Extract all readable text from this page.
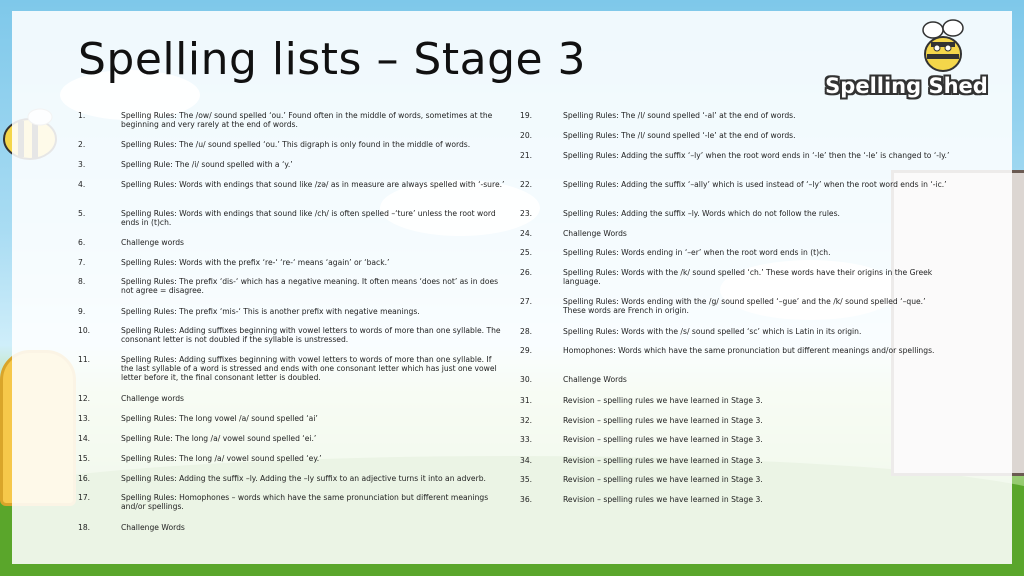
Spelling lists – Stage 3
Spelling Shed
1.	Spelling Rules: The /ow/ sound spelled ‘ou.’ Found often in the middle of words, sometimes at the beginning and very rarely at the end of words.
2.	Spelling Rules: The /u/ sound spelled ‘ou.’ This digraph is only found in the middle of words.
3.	Spelling Rule: The /i/ sound spelled with a ‘y.’
4.	Spelling Rules: Words with endings that sound like /zə/ as in measure are always spelled with ‘-sure.’
5.	Spelling Rules: Words with endings that sound like /ch/ is often spelled –‘ture’ unless the root word ends in (t)ch.
6.	Challenge words
7.	Spelling Rules: Words with the prefix ‘re-‘ ‘re-‘ means ‘again’ or ‘back.’
8.	Spelling Rules: The prefix ‘dis-‘ which has a negative meaning. It often means ‘does not’ as in does not agree = disagree.
9.	Spelling Rules: The prefix ‘mis-‘ This is another prefix with negative meanings.
10.	Spelling Rules: Adding suffixes beginning with vowel letters to words of more than one syllable. The consonant letter is not doubled if the syllable is unstressed.
11.	Spelling Rules: Adding suffixes beginning with vowel letters to words of more than one syllable. If the last syllable of a word is stressed and ends with one consonant letter which has just one vowel letter before it, the final consonant letter is doubled.
12.	Challenge words
13.	Spelling Rules: The long vowel /a/ sound spelled ‘ai’
14.	Spelling Rule: The long /a/ vowel sound spelled ‘ei.’
15.	Spelling Rules: The long /a/ vowel sound spelled ‘ey.’
16.	Spelling Rules: Adding the suffix –ly. Adding the –ly suffix to an adjective turns it into an adverb.
17.	Spelling Rules: Homophones – words which have the same pronunciation but different meanings and/or spellings.
18.	Challenge Words
19.	Spelling Rules: The /l/ sound spelled ‘-al’ at the end of words.
20.	Spelling Rules: The /l/ sound spelled ‘-le’ at the end of words.
21.	Spelling Rules: Adding the suffix ‘–ly’ when the root word ends in ‘-le’ then the ‘-le’ is changed to ‘-ly.’
22.	Spelling Rules: Adding the suffix ‘–ally’ which is used instead of ‘–ly’ when the root word ends in ‘-ic.’
23.	Spelling Rules: Adding the suffix –ly. Words which do not follow the rules.
24.	Challenge Words
25.	Spelling Rules: Words ending in ‘–er’ when the root word ends in (t)ch.
26.	Spelling Rules: Words with the /k/ sound spelled ‘ch.’ These words have their origins in the Greek language.
27.	Spelling Rules: Words ending with the /g/ sound spelled ‘–gue’ and the /k/ sound spelled ‘–que.’ These words are French in origin.
28.	Spelling Rules: Words with the /s/ sound spelled ‘sc’ which is Latin in its origin.
29.	Homophones: Words which have the same pronunciation but different meanings and/or spellings.
30.	Challenge Words
31.	Revision – spelling rules we have learned in Stage 3.
32.	Revision – spelling rules we have learned in Stage 3.
33.	Revision – spelling rules we have learned in Stage 3.
34.	Revision – spelling rules we have learned in Stage 3.
35.	Revision – spelling rules we have learned in Stage 3.
36.	Revision – spelling rules we have learned in Stage 3.
